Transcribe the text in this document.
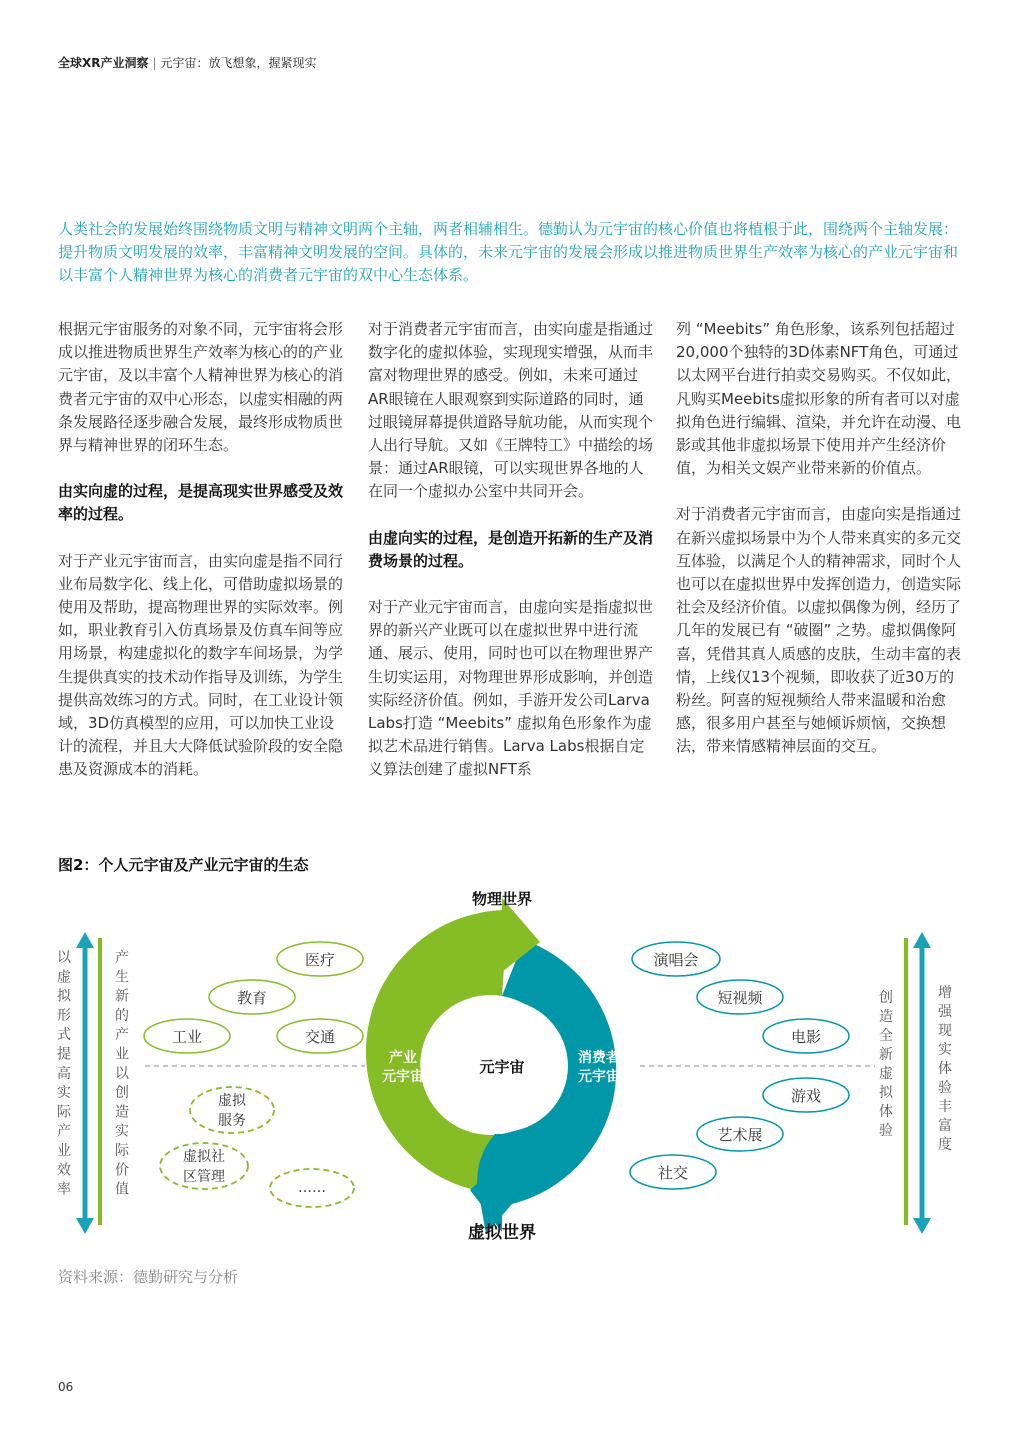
全球XR产业洞察 | 元宇宙：放飞想象，握紧现实
人类社会的发展始终围绕物质文明与精神文明两个主轴，两者相辅相生。德勤认为元宇宙的核心价值也将植根于此，围绕两个主轴发展：提升物质文明发展的效率，丰富精神文明发展的空间。具体的，未来元宇宙的发展会形成以推进物质世界生产效率为核心的产业元宇宙和以丰富个人精神世界为核心的消费者元宇宙的双中心生态体系。

根据元宇宙服务的对象不同，元宇宙将会形成以推进物质世界生产效率为核心的的产业元宇宙，及以丰富个人精神世界为核心的消费者元宇宙的双中心形态，以虚实相融的两条发展路径逐步融合发展，最终形成物质世界与精神世界的闭环生态。

由实向虚的过程，是提高现实世界感受及效率的过程。

对于产业元宇宙而言，由实向虚是指不同行业布局数字化、线上化，可借助虚拟场景的使用及帮助，提高物理世界的实际效率。例如，职业教育引入仿真场景及仿真车间等应用场景，构建虚拟化的数字车间场景，为学生提供真实的技术动作指导及训练，为学生提供高效练习的方式。同时，在工业设计领域，3D仿真模型的应用，可以加快工业设计的流程，并且大大降低试验阶段的安全隐患及资源成本的消耗。

对于消费者元宇宙而言，由实向虚是指通过数字化的虚拟体验，实现现实增强，从而丰富对物理世界的感受。例如，未来可通过AR眼镜在人眼观察到实际道路的同时，通过眼镜屏幕提供道路导航功能，从而实现个人出行导航。又如《王牌特工》中描绘的场景：通过AR眼镜，可以实现世界各地的人在同一个虚拟办公室中共同开会。

由虚向实的过程，是创造开拓新的生产及消费场景的过程。

对于产业元宇宙而言，由虚向实是指虚拟世界的新兴产业既可以在虚拟世界中进行流通、展示、使用，同时也可以在物理世界产生切实运用，对物理世界形成影响，并创造实际经济价值。例如，手游开发公司Larva Labs打造 “Meebits” 虚拟角色形象作为虚拟艺术品进行销售。Larva Labs根据自定义算法创建了虚拟NFT系

列 “Meebits” 角色形象，该系列包括超过20,000个独特的3D体素NFT角色，可通过以太网平台进行拍卖交易购买。不仅如此，凡购买Meebits虚拟形象的所有者可以对虚拟角色进行编辑、渲染，并允许在动漫、电影或其他非虚拟场景下使用并产生经济价值，为相关文娱产业带来新的价值点。

对于消费者元宇宙而言，由虚向实是指通过在新兴虚拟场景中为个人带来真实的多元交互体验，以满足个人的精神需求，同时个人也可以在虚拟世界中发挥创造力，创造实际社会及经济价值。以虚拟偶像为例，经历了几年的发展已有 “破圈” 之势。虚拟偶像阿喜，凭借其真人质感的皮肤，生动丰富的表情，上线仅13个视频，即收获了近30万的粉丝。阿喜的短视频给人带来温暖和治愈感，很多用户甚至与她倾诉烦恼，交换想法，带来情感精神层面的交互。

图2：个人元宇宙及产业元宇宙的生态
以
虚
拟
形
式
提
高
实
际
产
业
效
率
产
生
新
的
产
业
以
创
造
实
际
价
值
创
造
全
新
虚
拟
体
验
增
强
现
实
体
验
丰
富
度
物理世界
虚拟世界
元宇宙
产业
元宇宙
消费者
元宇宙
医疗
教育
工业	交通
虚拟
服务
虚拟社
区管理
……
演唱会
短视频
电影
游戏
艺术展
社交
资料来源：德勤研究与分析
06
